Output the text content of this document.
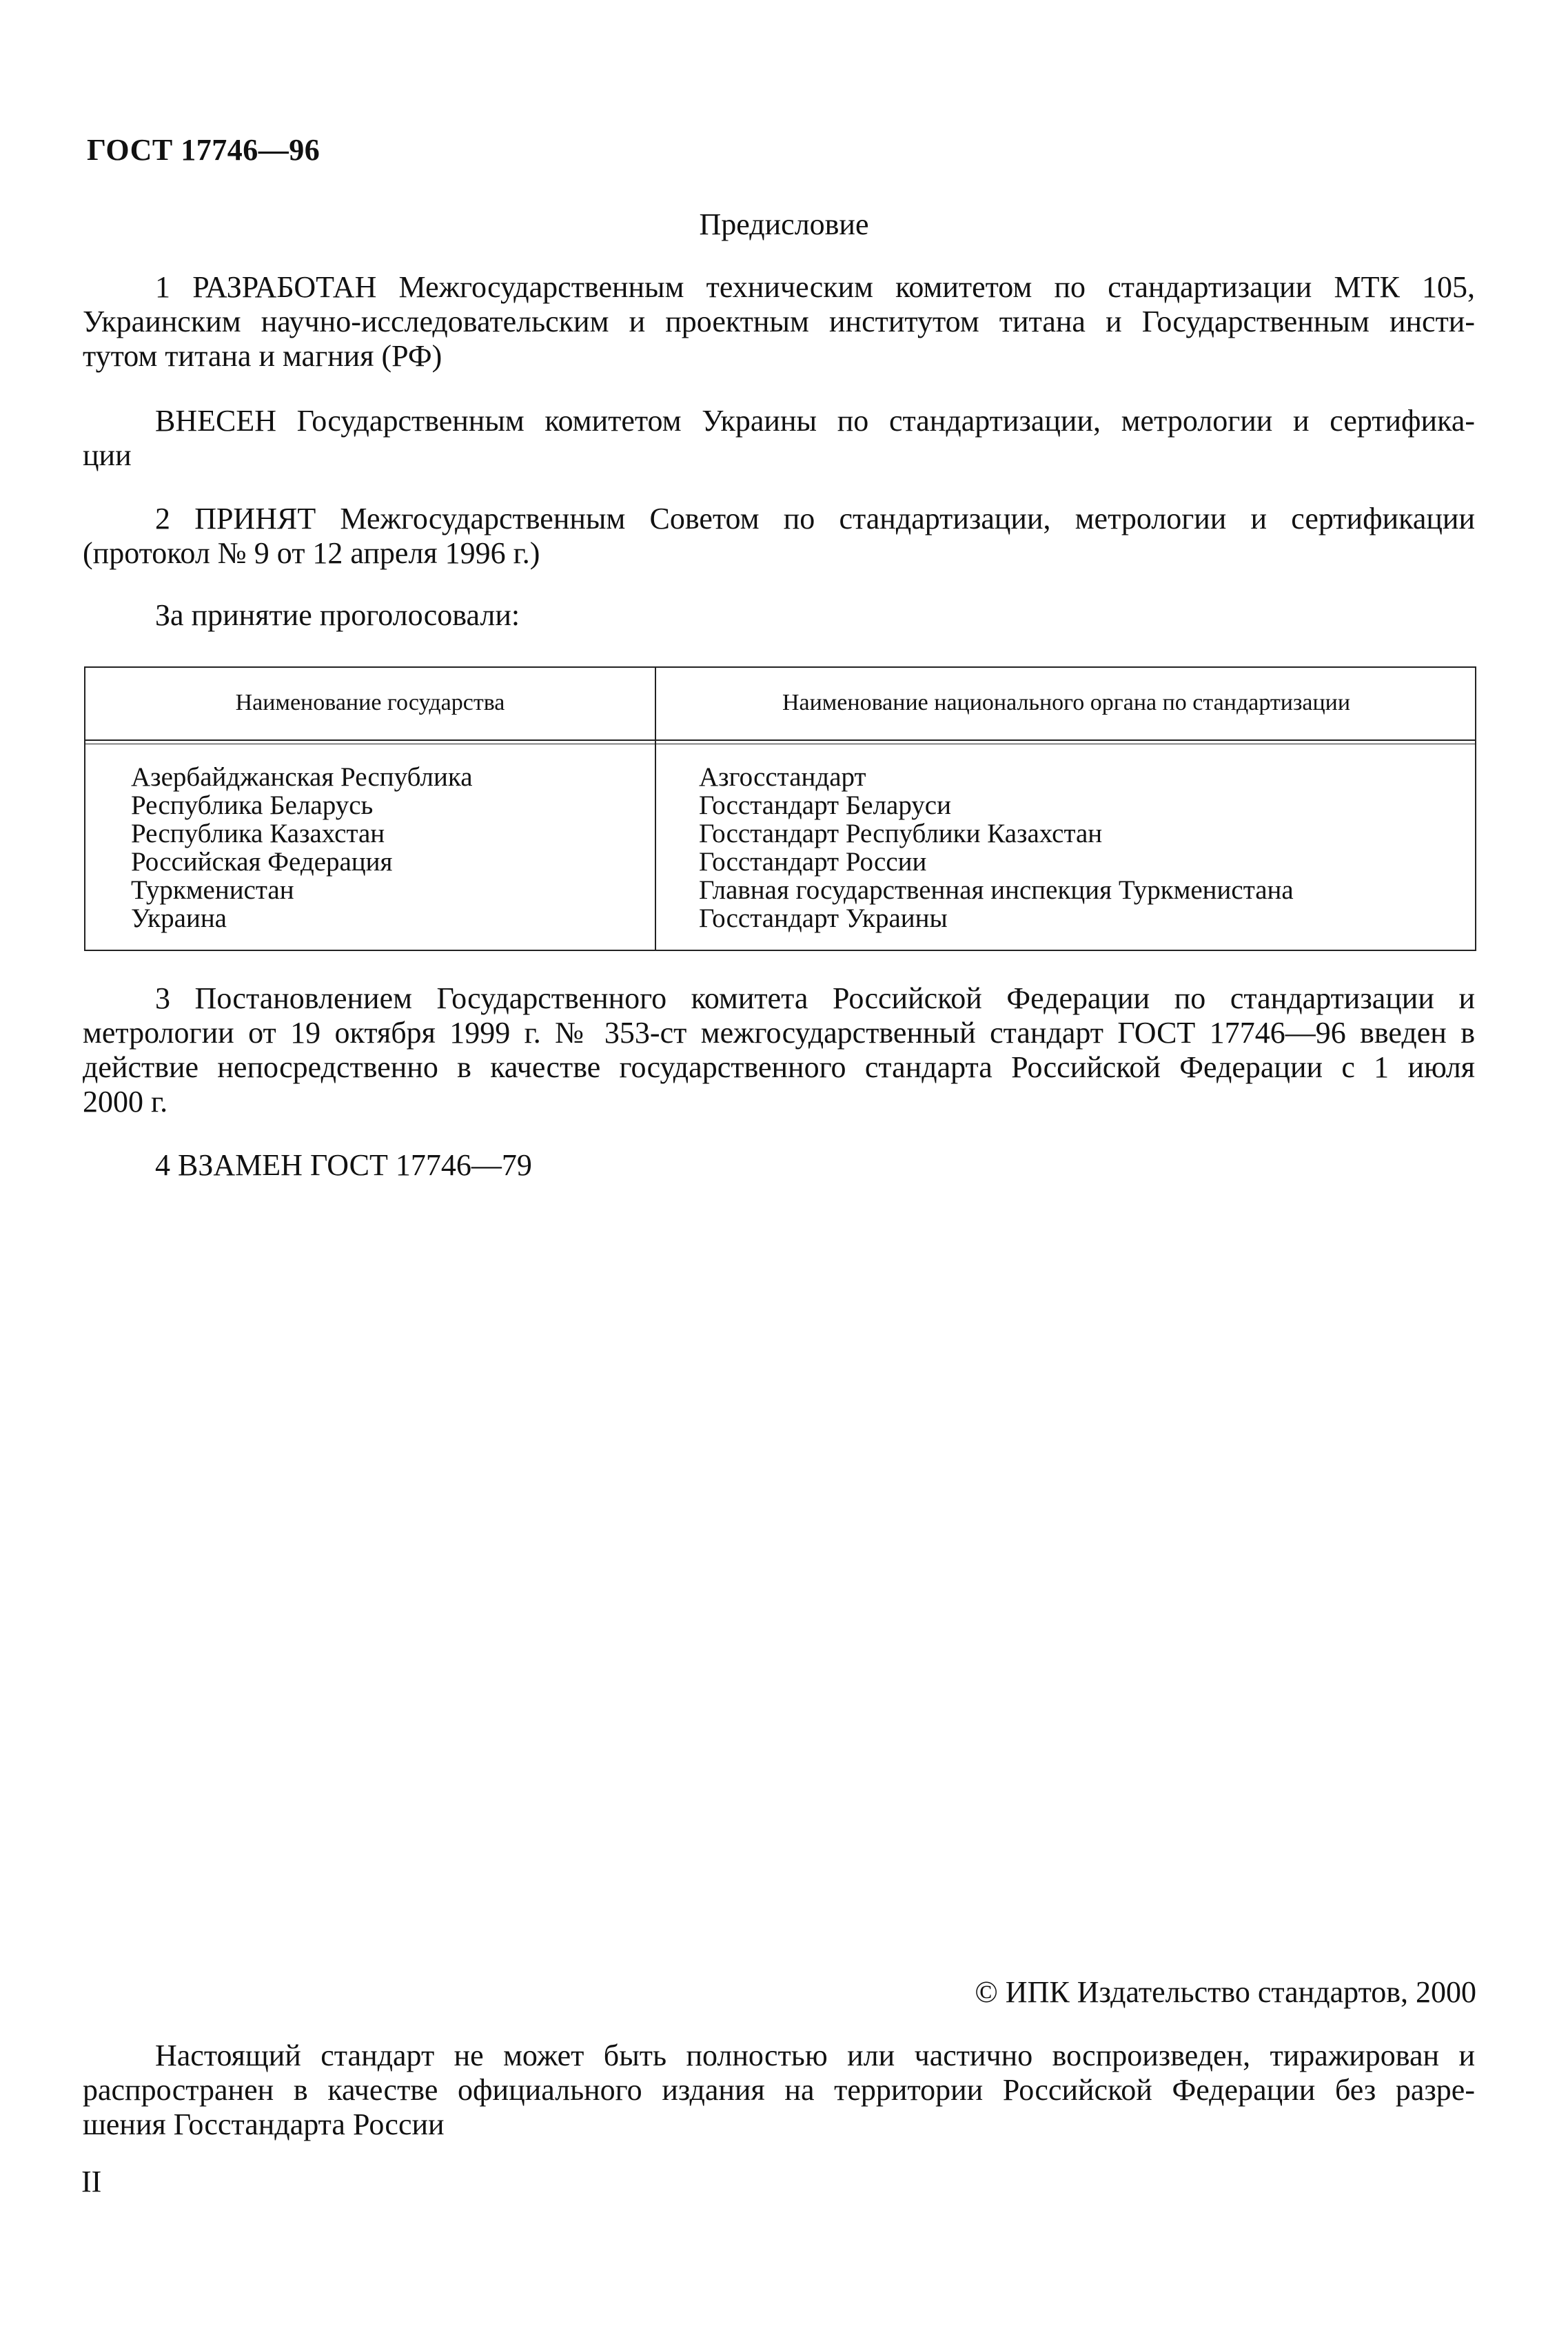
ГОСТ 17746—96
Предисловие
1 РАЗРАБОТАН Межгосударственным техническим комитетом по стандартизации МТК 105,
Украинским научно-исследовательским и проектным институтом титана и Государственным инсти-
тутом титана и магния (РФ)
ВНЕСЕН Государственным комитетом Украины по стандартизации, метрологии и сертифика-
ции
2 ПРИНЯТ Межгосударственным Советом по стандартизации, метрологии и сертификации
(протокол № 9 от 12 апреля 1996 г.)
За принятие проголосовали:
Наименование государства	Наименование национального органа по стандартизации
Азербайджанская Республика
Республика Беларусь
Республика Казахстан
Российская Федерация
Туркменистан
Украина
Азгосстандарт
Госстандарт Беларуси
Госстандарт Республики Казахстан
Госстандарт России
Главная государственная инспекция Туркменистана
Госстандарт Украины
3 Постановлением Государственного комитета Российской Федерации по стандартизации и
метрологии от 19 октября 1999 г. № 353-ст межгосударственный стандарт ГОСТ 17746—96 введен в
действие непосредственно в качестве государственного стандарта Российской Федерации с 1 июля
2000 г.
4 ВЗАМЕН ГОСТ 17746—79
© ИПК Издательство стандартов, 2000
Настоящий стандарт не может быть полностью или частично воспроизведен, тиражирован и
распространен в качестве официального издания на территории Российской Федерации без разре-
шения Госстандарта России
II
